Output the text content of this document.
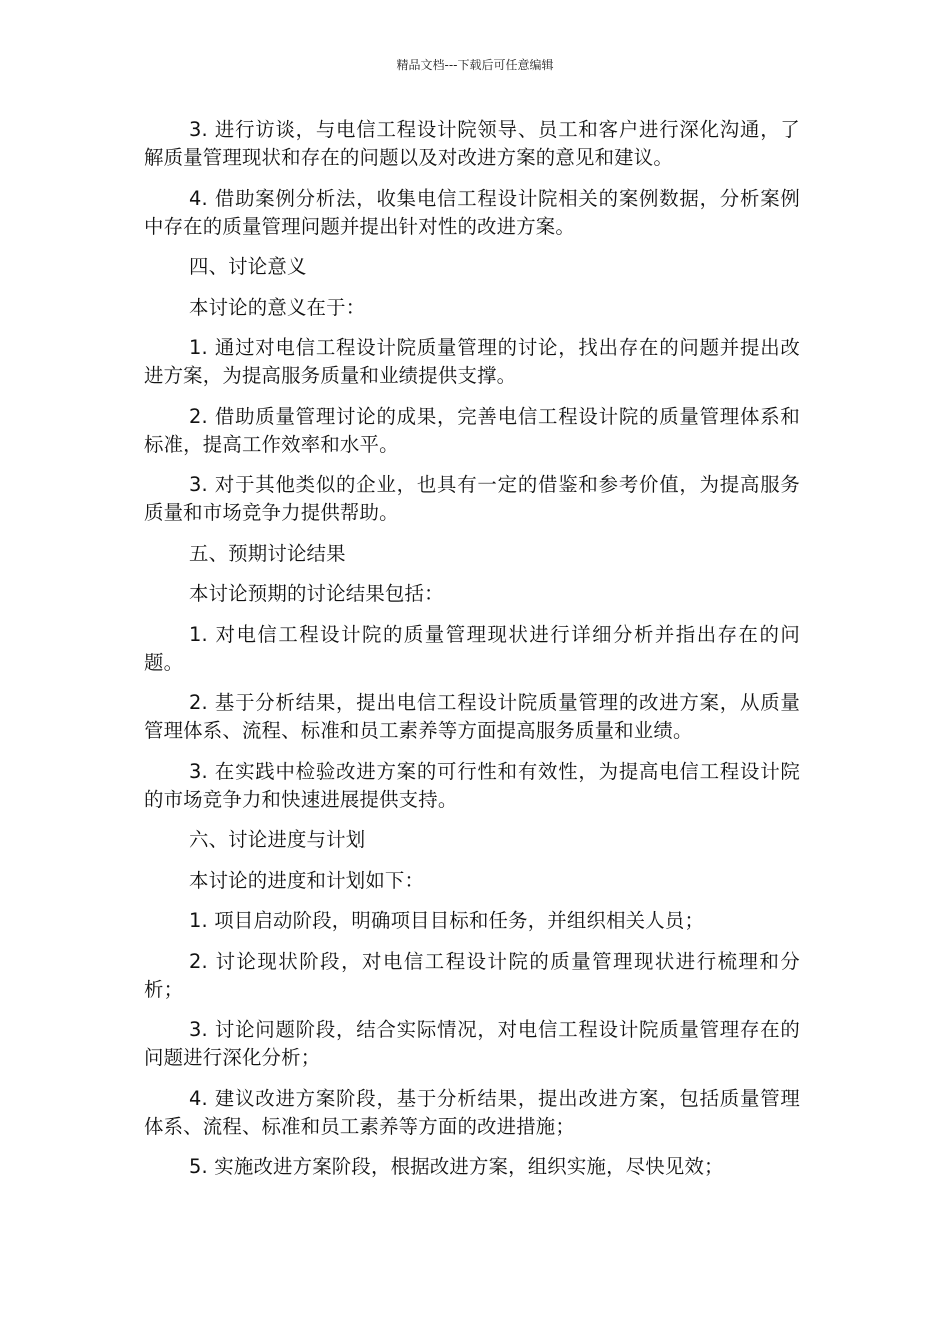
精品文档---下载后可任意编辑

3. 进行访谈，与电信工程设计院领导、员工和客户进行深化沟通，了解质量管理现状和存在的问题以及对改进方案的意见和建议。

4. 借助案例分析法，收集电信工程设计院相关的案例数据，分析案例中存在的质量管理问题并提出针对性的改进方案。

四、讨论意义

本讨论的意义在于：

1. 通过对电信工程设计院质量管理的讨论，找出存在的问题并提出改进方案，为提高服务质量和业绩提供支撑。

2. 借助质量管理讨论的成果，完善电信工程设计院的质量管理体系和标准，提高工作效率和水平。

3. 对于其他类似的企业，也具有一定的借鉴和参考价值，为提高服务质量和市场竞争力提供帮助。

五、预期讨论结果

本讨论预期的讨论结果包括：

1. 对电信工程设计院的质量管理现状进行详细分析并指出存在的问题。

2. 基于分析结果，提出电信工程设计院质量管理的改进方案，从质量管理体系、流程、标准和员工素养等方面提高服务质量和业绩。

3. 在实践中检验改进方案的可行性和有效性，为提高电信工程设计院的市场竞争力和快速进展提供支持。

六、讨论进度与计划

本讨论的进度和计划如下：

1. 项目启动阶段，明确项目目标和任务，并组织相关人员；

2. 讨论现状阶段，对电信工程设计院的质量管理现状进行梳理和分析；

3. 讨论问题阶段，结合实际情况，对电信工程设计院质量管理存在的问题进行深化分析；

4. 建议改进方案阶段，基于分析结果，提出改进方案，包括质量管理体系、流程、标准和员工素养等方面的改进措施；

5. 实施改进方案阶段，根据改进方案，组织实施，尽快见效；
